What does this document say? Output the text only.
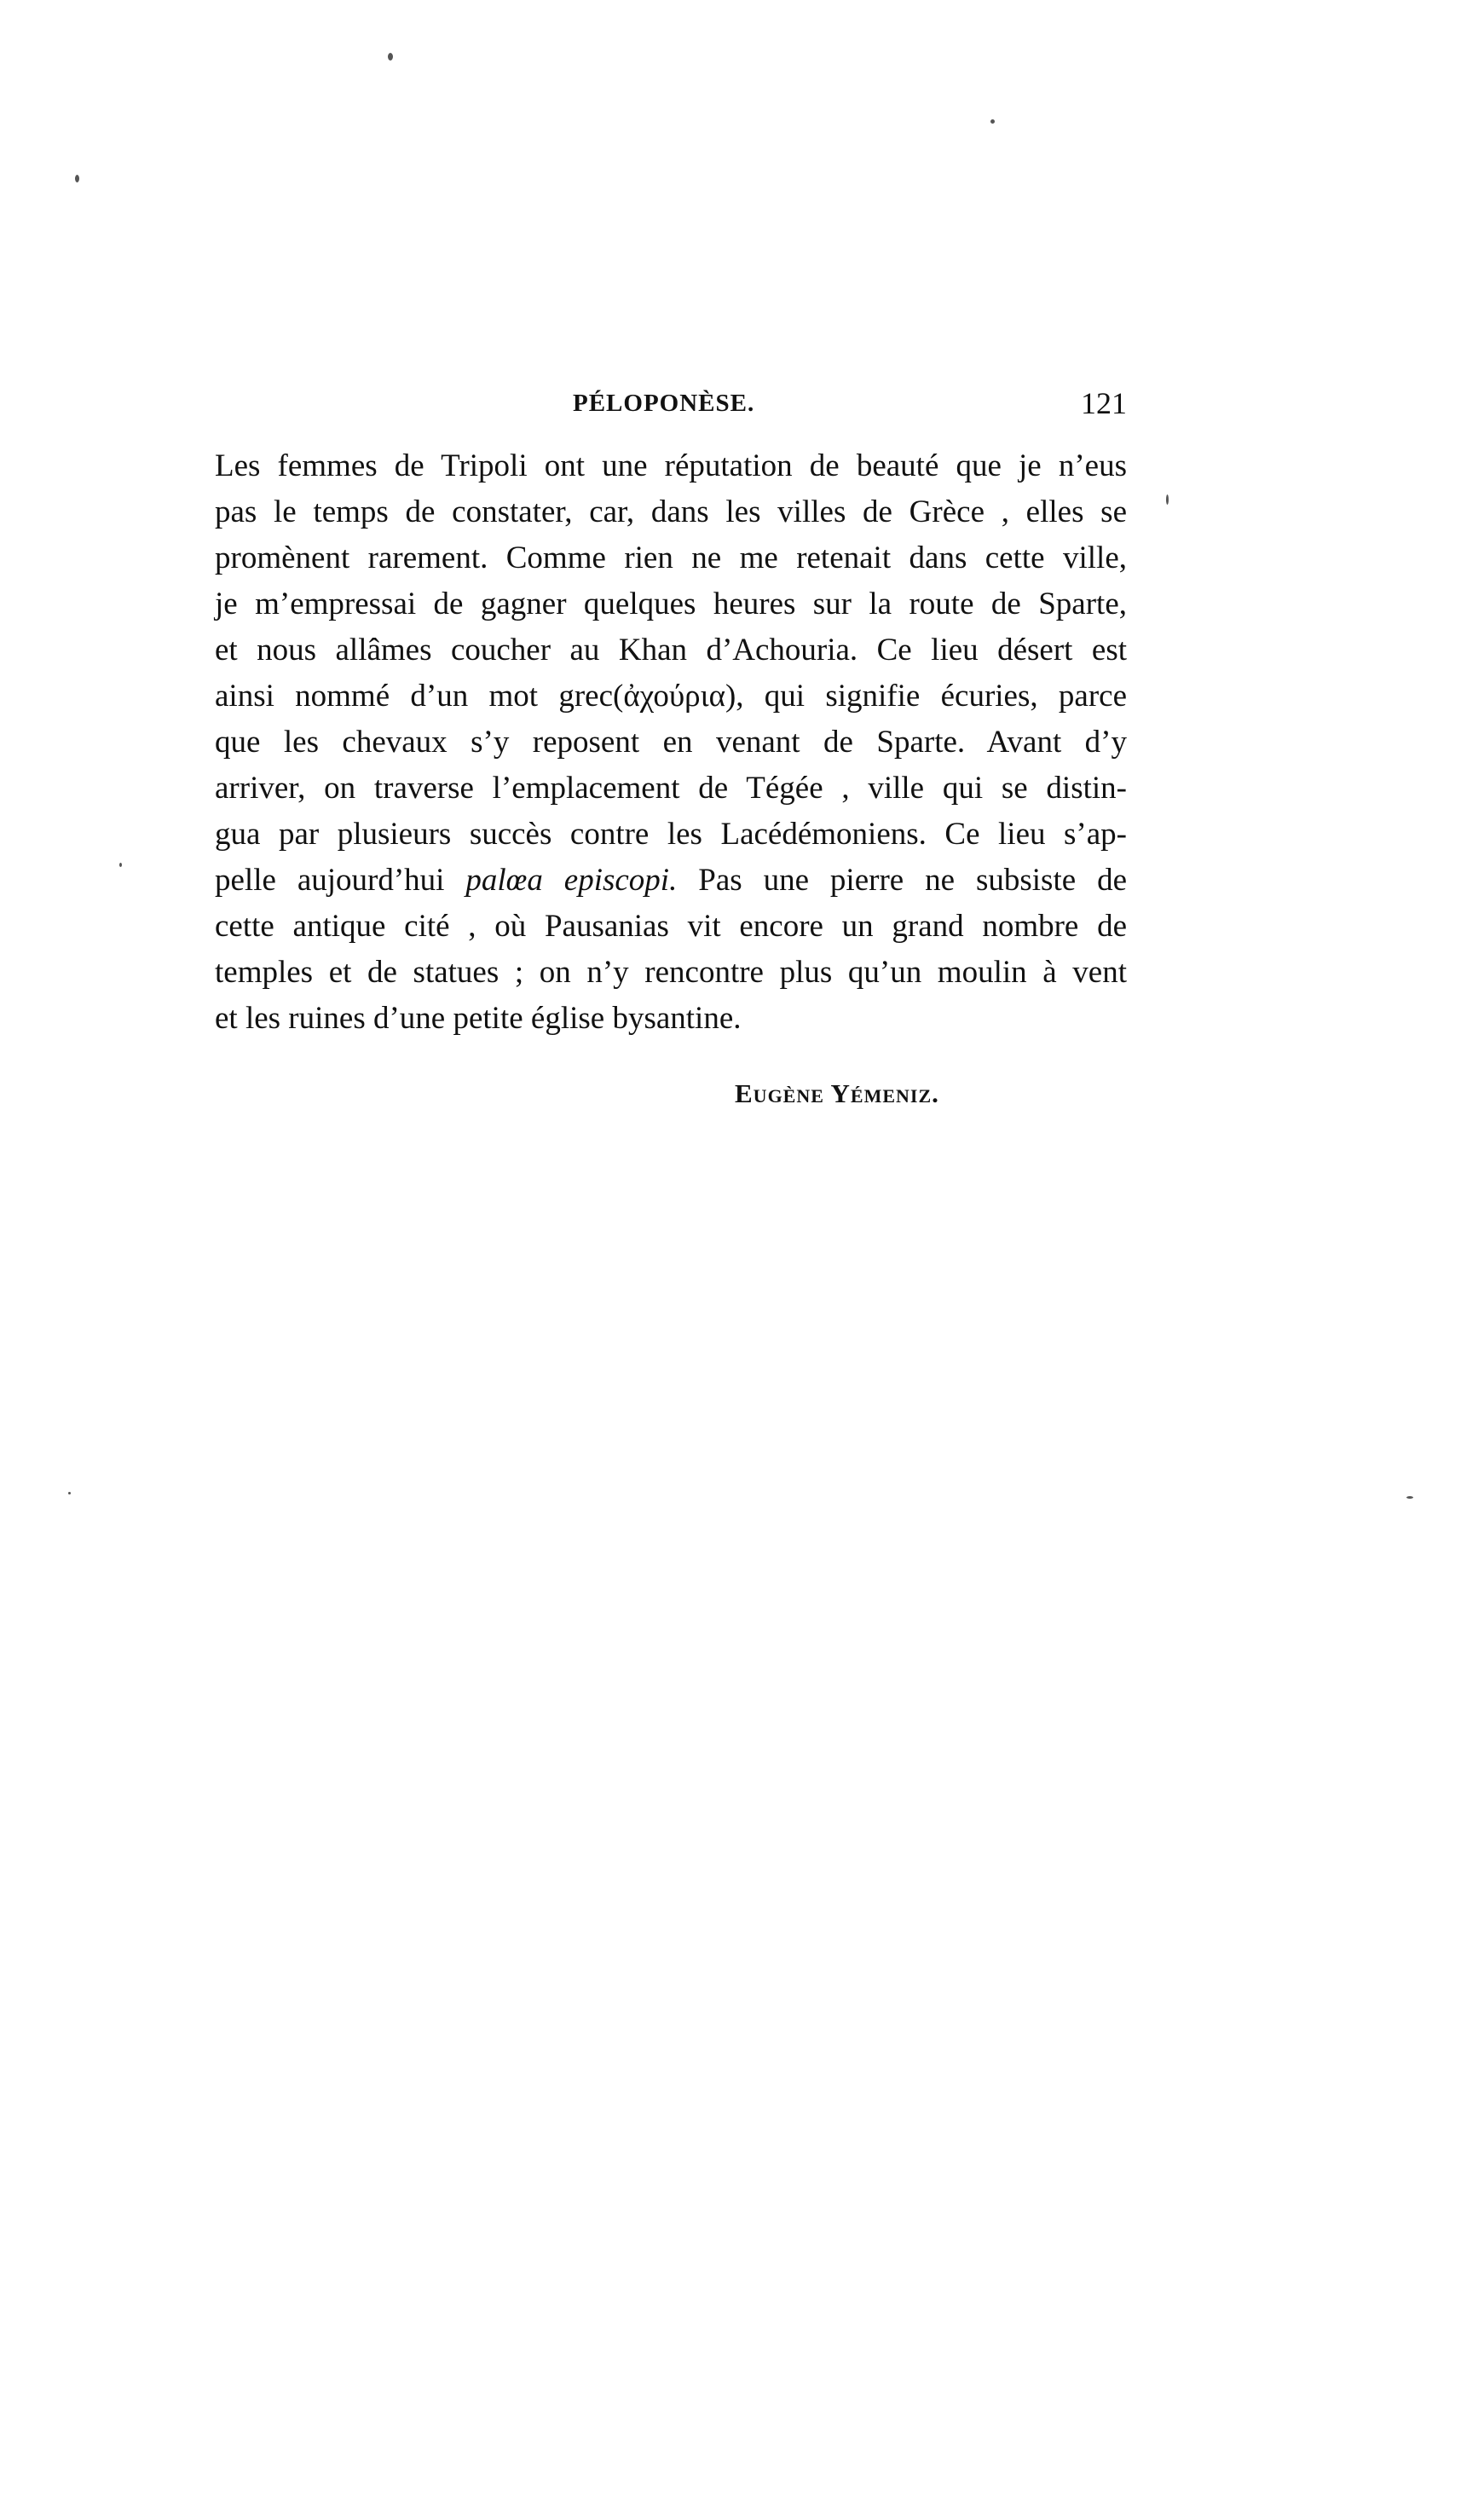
PÉLOPONÈSE.	121
Les femmes de Tripoli ont une réputation de beauté que je n’eus
pas le temps de constater, car, dans les villes de Grèce , elles se
promènent rarement. Comme rien ne me retenait dans cette ville,
je m’empressai de gagner quelques heures sur la route de Sparte,
et nous allâmes coucher au Khan d’Achouria. Ce lieu désert est
ainsi nommé d’un mot grec(ἀχούρια), qui signifie écuries, parce
que les chevaux s’y reposent en venant de Sparte. Avant d’y
arriver, on traverse l’emplacement de Tégée , ville qui se distin-
gua par plusieurs succès contre les Lacédémoniens. Ce lieu s’ap-
pelle aujourd’hui palœa episcopi. Pas une pierre ne subsiste de
cette antique cité , où Pausanias vit encore un grand nombre de
temples et de statues ; on n’y rencontre plus qu’un moulin à vent
et les ruines d’une petite église bysantine.
Eugène Yémeniz.
